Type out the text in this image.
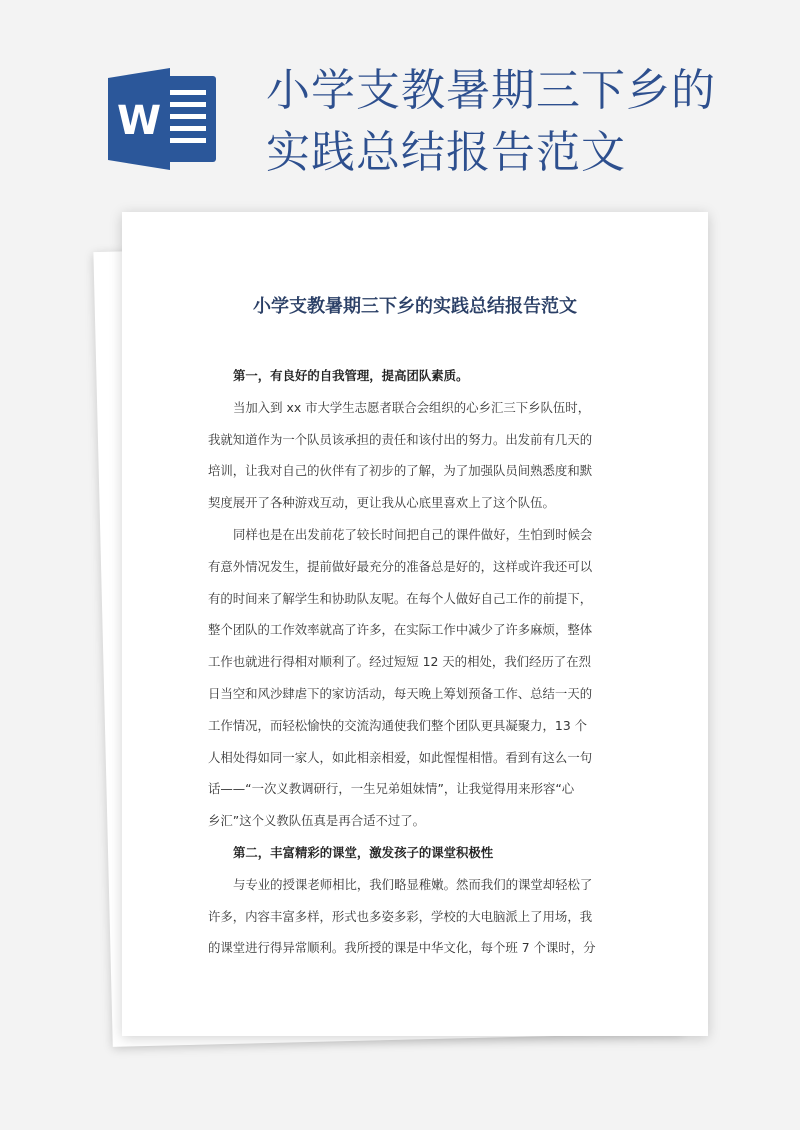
W
小学支教暑期三下乡的
实践总结报告范文
小学支教暑期三下乡的实践总结报告范文
第一，有良好的自我管理，提高团队素质。
当加入到 xx 市大学生志愿者联合会组织的心乡汇三下乡队伍时，
我就知道作为一个队员该承担的责任和该付出的努力。出发前有几天的
培训，让我对自己的伙伴有了初步的了解，为了加强队员间熟悉度和默
契度展开了各种游戏互动，更让我从心底里喜欢上了这个队伍。
同样也是在出发前花了较长时间把自己的课件做好，生怕到时候会
有意外情况发生，提前做好最充分的准备总是好的，这样或许我还可以
有的时间来了解学生和协助队友呢。在每个人做好自己工作的前提下，
整个团队的工作效率就高了许多，在实际工作中减少了许多麻烦，整体
工作也就进行得相对顺利了。经过短短 12 天的相处，我们经历了在烈
日当空和风沙肆虐下的家访活动，每天晚上筹划预备工作、总结一天的
工作情况，而轻松愉快的交流沟通使我们整个团队更具凝聚力，13 个
人相处得如同一家人，如此相亲相爱，如此惺惺相惜。看到有这么一句
话——“一次义教调研行，一生兄弟姐妹情”，让我觉得用来形容“心
乡汇”这个义教队伍真是再合适不过了。
第二，丰富精彩的课堂，激发孩子的课堂积极性
与专业的授课老师相比，我们略显稚嫩。然而我们的课堂却轻松了
许多，内容丰富多样，形式也多姿多彩，学校的大电脑派上了用场，我
的课堂进行得异常顺利。我所授的课是中华文化，每个班 7 个课时，分
